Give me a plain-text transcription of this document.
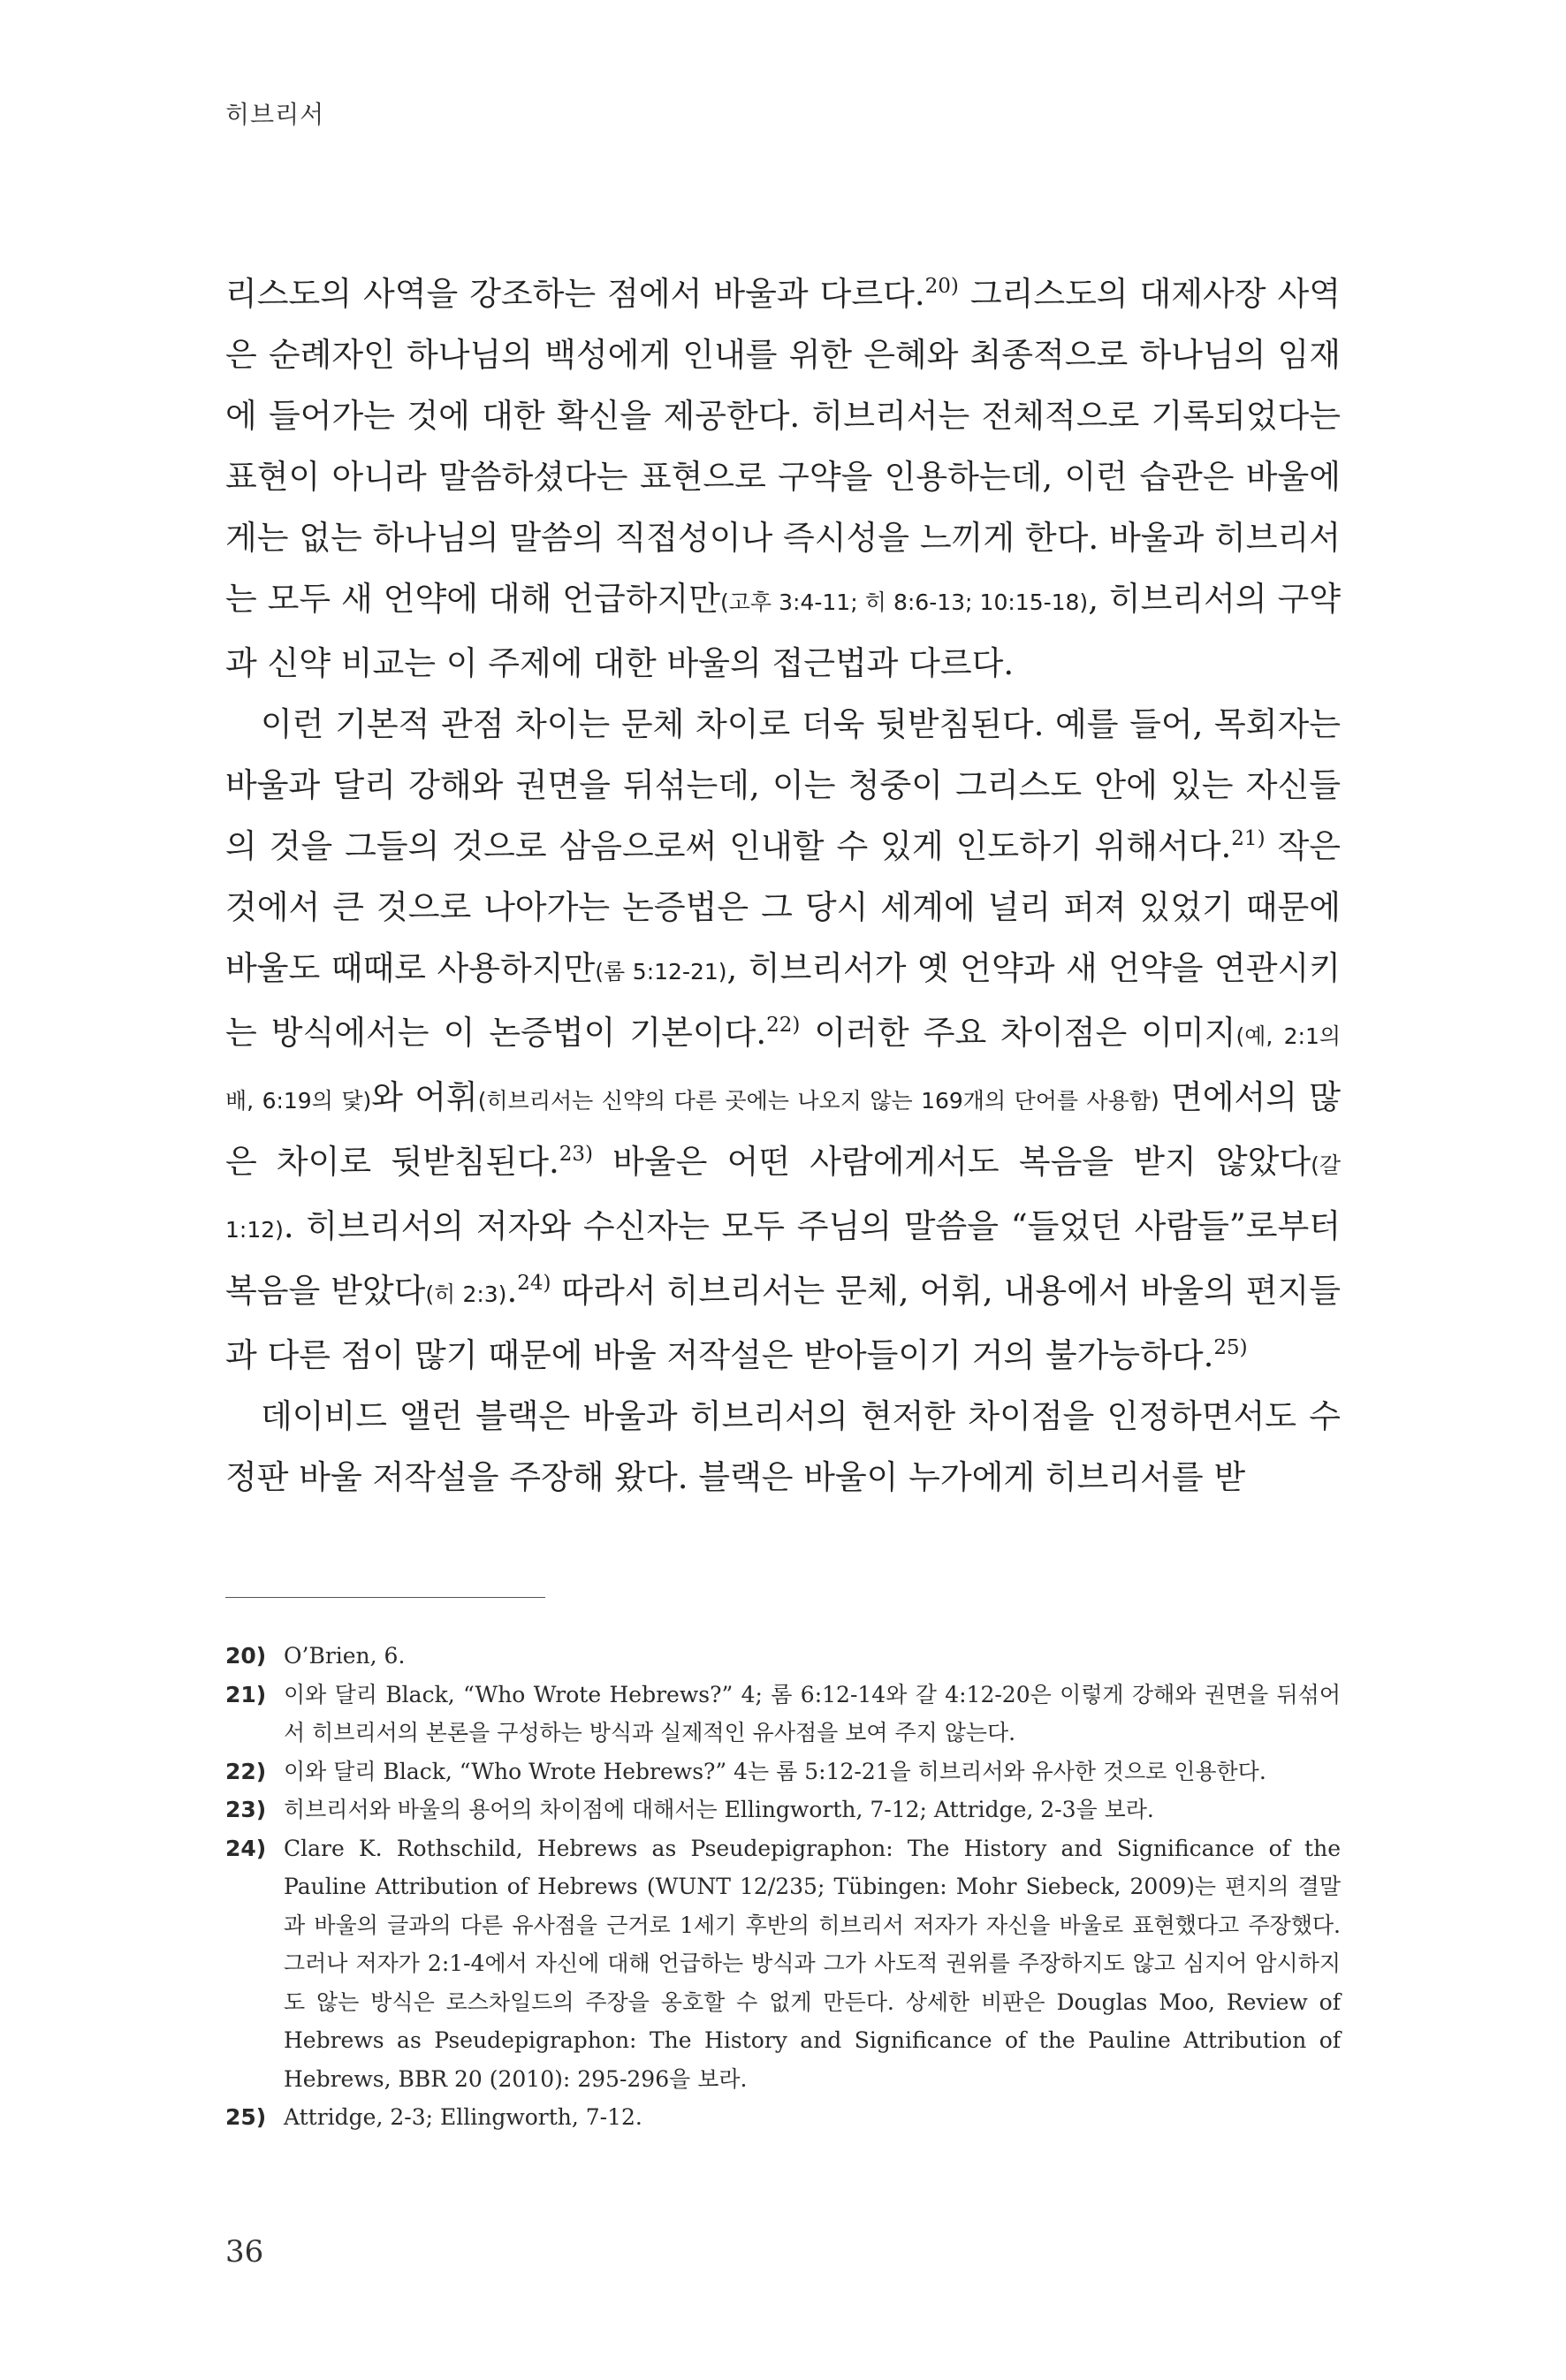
히브리서

리스도의 사역을 강조하는 점에서 바울과 다르다.$^{20)}$ 그리스도의 대제사장 사역은 순례자인 하나님의 백성에게 인내를 위한 은혜와 최종적으로 하나님의 임재에 들어가는 것에 대한 확신을 제공한다. 히브리서는 전체적으로 기록되었다는 표현이 아니라 말씀하셨다는 표현으로 구약을 인용하는데, 이런 습관은 바울에게는 없는 하나님의 말씀의 직접성이나 즉시성을 느끼게 한다. 바울과 히브리서는 모두 새 언약에 대해 언급하지만(고후 3:4-11; 히 8:6-13; 10:15-18), 히브리서의 구약과 신약 비교는 이 주제에 대한 바울의 접근법과 다르다.

이런 기본적 관점 차이는 문체 차이로 더욱 뒷받침된다. 예를 들어, 목회자는 바울과 달리 강해와 권면을 뒤섞는데, 이는 청중이 그리스도 안에 있는 자신들의 것을 그들의 것으로 삼음으로써 인내할 수 있게 인도하기 위해서다.$^{21)}$ 작은 것에서 큰 것으로 나아가는 논증법은 그 당시 세계에 널리 퍼져 있었기 때문에 바울도 때때로 사용하지만(롬 5:12-21), 히브리서가 옛 언약과 새 언약을 연관시키는 방식에서는 이 논증법이 기본이다.$^{22)}$ 이러한 주요 차이점은 이미지(예, 2:1의 배, 6:19의 닻)와 어휘(히브리서는 신약의 다른 곳에는 나오지 않는 169개의 단어를 사용함) 면에서의 많은 차이로 뒷받침된다.$^{23)}$ 바울은 어떤 사람에게서도 복음을 받지 않았다(갈 1:12). 히브리서의 저자와 수신자는 모두 주님의 말씀을 “들었던 사람들”로부터 복음을 받았다(히 2:3).$^{24)}$ 따라서 히브리서는 문체, 어휘, 내용에서 바울의 편지들과 다른 점이 많기 때문에 바울 저작설은 받아들이기 거의 불가능하다.$^{25)}$

데이비드 앨런 블랙은 바울과 히브리서의 현저한 차이점을 인정하면서도 수정판 바울 저작설을 주장해 왔다. 블랙은 바울이 누가에게 히브리서를 받

20) O’Brien, 6.
21) 이와 달리 Black, “Who Wrote Hebrews?” 4; 롬 6:12-14와 갈 4:12-20은 이렇게 강해와 권면을 뒤섞어서 히브리서의 본론을 구성하는 방식과 실제적인 유사점을 보여 주지 않는다.
22) 이와 달리 Black, “Who Wrote Hebrews?” 4는 롬 5:12-21을 히브리서와 유사한 것으로 인용한다.
23) 히브리서와 바울의 용어의 차이점에 대해서는 Ellingworth, 7-12; Attridge, 2-3을 보라.
24) Clare K. Rothschild, Hebrews as Pseudepigraphon: The History and Significance of the Pauline Attribution of Hebrews (WUNT 12/235; Tübingen: Mohr Siebeck, 2009)는 편지의 결말과 바울의 글과의 다른 유사점을 근거로 1세기 후반의 히브리서 저자가 자신을 바울로 표현했다고 주장했다. 그러나 저자가 2:1-4에서 자신에 대해 언급하는 방식과 그가 사도적 권위를 주장하지도 않고 심지어 암시하지도 않는 방식은 로스차일드의 주장을 옹호할 수 없게 만든다. 상세한 비판은 Douglas Moo, Review of Hebrews as Pseudepigraphon: The History and Significance of the Pauline Attribution of Hebrews, BBR 20 (2010): 295-296을 보라.
25) Attridge, 2-3; Ellingworth, 7-12.
36
